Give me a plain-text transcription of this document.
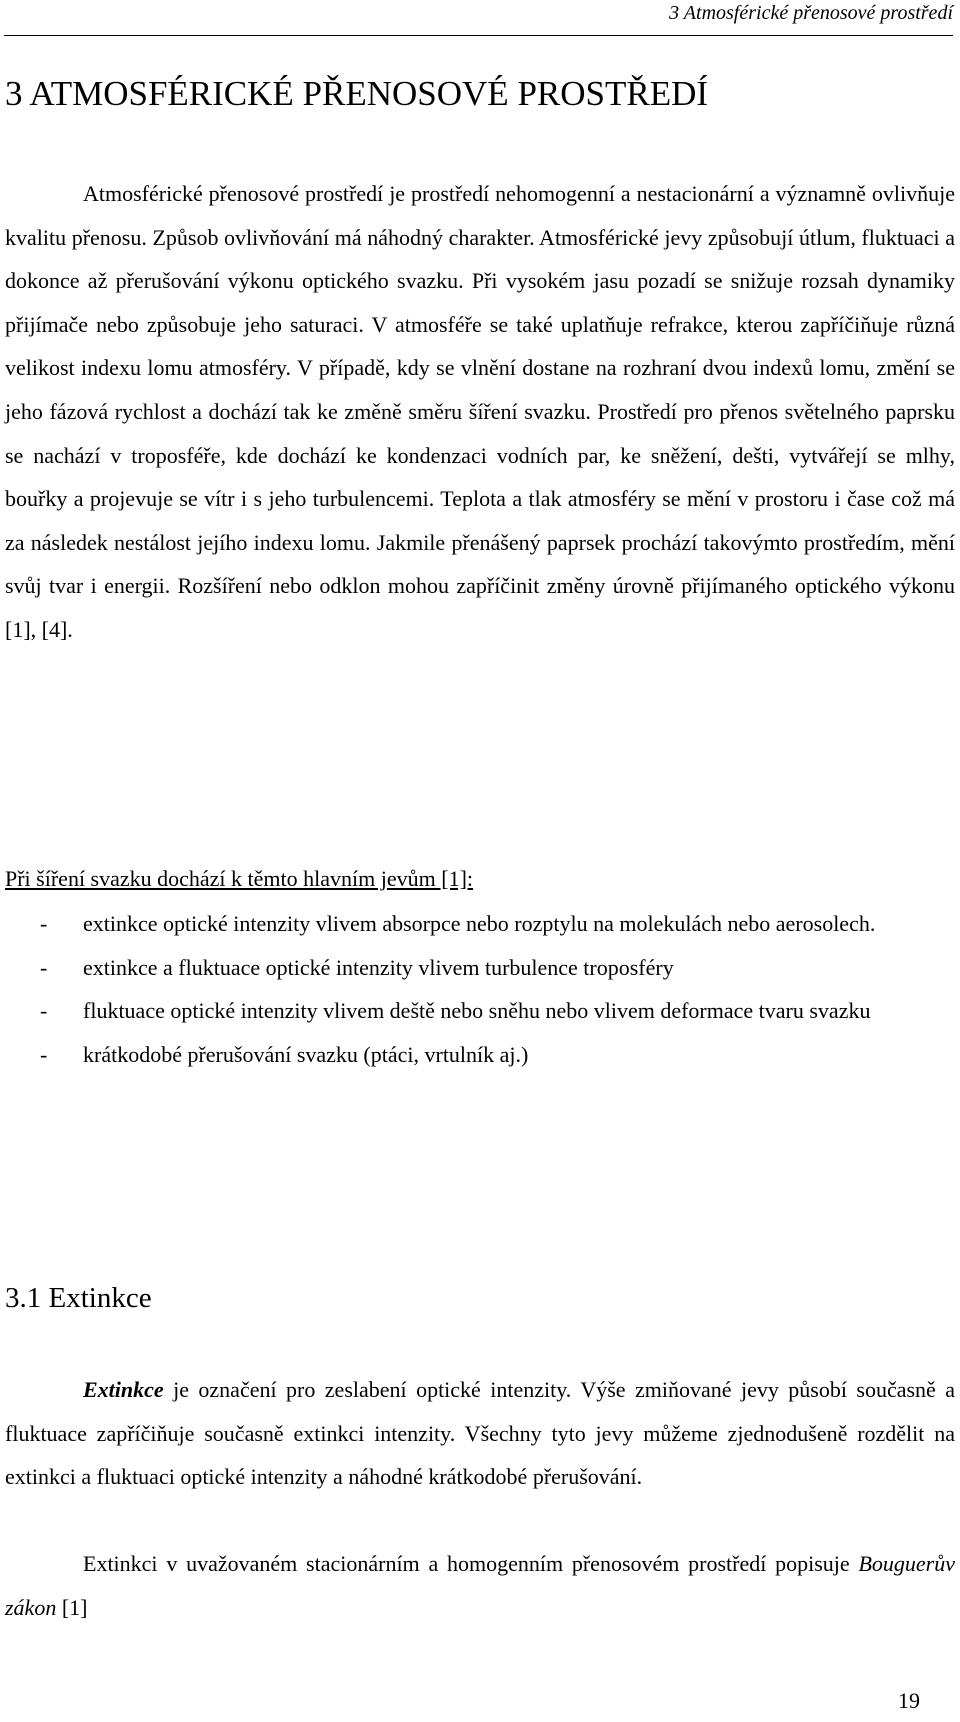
3 Atmosférické přenosové prostředí
3 ATMOSFÉRICKÉ PŘENOSOVÉ PROSTŘEDÍ

Atmosférické přenosové prostředí je prostředí nehomogenní a nestacionární a významně ovlivňuje kvalitu přenosu. Způsob ovlivňování má náhodný charakter. Atmosférické jevy způsobují útlum, fluktuaci a dokonce až přerušování výkonu optického svazku. Při vysokém jasu pozadí se snižuje rozsah dynamiky přijímače nebo způsobuje jeho saturaci. V atmosféře se také uplatňuje refrakce, kterou zapříčiňuje různá velikost indexu lomu atmosféry. V případě, kdy se vlnění dostane na rozhraní dvou indexů lomu, změní se jeho fázová rychlost a dochází tak ke změně směru šíření svazku. Prostředí pro přenos světelného paprsku se nachází v troposféře, kde dochází ke kondenzaci vodních par, ke sněžení, dešti, vytvářejí se mlhy, bouřky a projevuje se vítr i s jeho turbulencemi. Teplota a tlak atmosféry se mění v prostoru i čase což má za následek nestálost jejího indexu lomu. Jakmile přenášený paprsek prochází takovýmto prostředím, mění svůj tvar i energii. Rozšíření nebo odklon mohou zapříčinit změny úrovně přijímaného optického výkonu [1], [4].

Při šíření svazku dochází k těmto hlavním jevům [1]:

- extinkce optické intenzity vlivem absorpce nebo rozptylu na molekulách nebo aerosolech.
- extinkce a fluktuace optické intenzity vlivem turbulence troposféry
- fluktuace optické intenzity vlivem deště nebo sněhu nebo vlivem deformace tvaru svazku
- krátkodobé přerušování svazku (ptáci, vrtulník aj.)
3.1 Extinkce

Extinkce je označení pro zeslabení optické intenzity. Výše zmiňované jevy působí současně a fluktuace zapříčiňuje současně extinkci intenzity. Všechny tyto jevy můžeme zjednodušeně rozdělit na extinkci a fluktuaci optické intenzity a náhodné krátkodobé přerušování.

Extinkci v uvažovaném stacionárním a homogenním přenosovém prostředí popisuje Bouguerův zákon [1]

19
